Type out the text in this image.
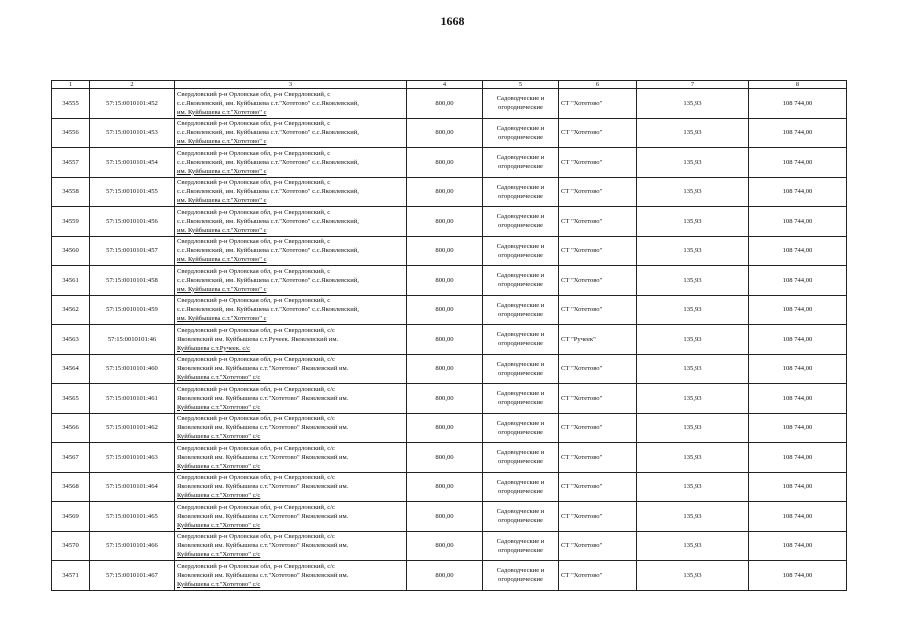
1668
1	2	3	4	5	6	7	8
34555	57:15:0010101:452	Свердловский р-н Орловская обл, р-н Свердловский, с
с.с.Яковлевский, им. Куйбышева с.т."Хотетово" с.с.Яковлевский,
им. Куйбышева с.т."Хотетово" с	800,00	Садоводческие и
огороднические	СТ "Хотетово"	135,93	108 744,00
34556	57:15:0010101:453	Свердловский р-н Орловская обл, р-н Свердловский, с
с.с.Яковлевский, им. Куйбышева с.т."Хотетово" с.с.Яковлевский,
им. Куйбышева с.т."Хотетово" с	800,00	Садоводческие и
огороднические	СТ "Хотетово"	135,93	108 744,00
34557	57:15:0010101:454	Свердловский р-н Орловская обл, р-н Свердловский, с
с.с.Яковлевский, им. Куйбышева с.т."Хотетово" с.с.Яковлевский,
им. Куйбышева с.т."Хотетово" с	800,00	Садоводческие и
огороднические	СТ "Хотетово"	135,93	108 744,00
34558	57:15:0010101:455	Свердловский р-н Орловская обл, р-н Свердловский, с
с.с.Яковлевский, им. Куйбышева с.т."Хотетово" с.с.Яковлевский,
им. Куйбышева с.т."Хотетово" с	800,00	Садоводческие и
огороднические	СТ "Хотетово"	135,93	108 744,00
34559	57:15:0010101:456	Свердловский р-н Орловская обл, р-н Свердловский, с
с.с.Яковлевский, им. Куйбышева с.т."Хотетово" с.с.Яковлевский,
им. Куйбышева с.т."Хотетово" с	800,00	Садоводческие и
огороднические	СТ "Хотетово"	135,93	108 744,00
34560	57:15:0010101:457	Свердловский р-н Орловская обл, р-н Свердловский, с
с.с.Яковлевский, им. Куйбышева с.т."Хотетово" с.с.Яковлевский,
им. Куйбышева с.т."Хотетово" с	800,00	Садоводческие и
огороднические	СТ "Хотетово"	135,93	108 744,00
34561	57:15:0010101:458	Свердловский р-н Орловская обл, р-н Свердловский, с
с.с.Яковлевский, им. Куйбышева с.т."Хотетово" с.с.Яковлевский,
им. Куйбышева с.т."Хотетово" с	800,00	Садоводческие и
огороднические	СТ "Хотетово"	135,93	108 744,00
34562	57:15:0010101:459	Свердловский р-н Орловская обл, р-н Свердловский, с
с.с.Яковлевский, им. Куйбышева с.т."Хотетово" с.с.Яковлевский,
им. Куйбышева с.т."Хотетово" с	800,00	Садоводческие и
огороднические	СТ "Хотетово"	135,93	108 744,00
34563	57:15:0010101:46	Свердловский р-н Орловская обл, р-н Свердловский, с/с
Яковлевский им. Куйбышева с.т.Ручеек. Яковлевский им.
Куйбышева с.т.Ручеек. с/с	800,00	Садоводческие и
огороднические	СТ "Ручеек"	135,93	108 744,00
34564	57:15:0010101:460	Свердловский р-н Орловская обл, р-н Свердловский, с/с
Яковлевский им. Куйбышева с.т."Хотетово" Яковлевский им.
Куйбышева с.т."Хотетово" с/с	800,00	Садоводческие и
огороднические	СТ "Хотетово"	135,93	108 744,00
34565	57:15:0010101:461	Свердловский р-н Орловская обл, р-н Свердловский, с/с
Яковлевский им. Куйбышева с.т."Хотетово" Яковлевский им.
Куйбышева с.т."Хотетово" с/с	800,00	Садоводческие и
огороднические	СТ "Хотетово"	135,93	108 744,00
34566	57:15:0010101:462	Свердловский р-н Орловская обл, р-н Свердловский, с/с
Яковлевский им. Куйбышева с.т."Хотетово" Яковлевский им.
Куйбышева с.т."Хотетово" с/с	800,00	Садоводческие и
огороднические	СТ "Хотетово"	135,93	108 744,00
34567	57:15:0010101:463	Свердловский р-н Орловская обл, р-н Свердловский, с/с
Яковлевский им. Куйбышева с.т."Хотетово" Яковлевский им.
Куйбышева с.т."Хотетово" с/с	800,00	Садоводческие и
огороднические	СТ "Хотетово"	135,93	108 744,00
34568	57:15:0010101:464	Свердловский р-н Орловская обл, р-н Свердловский, с/с
Яковлевский им. Куйбышева с.т."Хотетово" Яковлевский им.
Куйбышева с.т."Хотетово" с/с	800,00	Садоводческие и
огороднические	СТ "Хотетово"	135,93	108 744,00
34569	57:15:0010101:465	Свердловский р-н Орловская обл, р-н Свердловский, с/с
Яковлевский им. Куйбышева с.т."Хотетово" Яковлевский им.
Куйбышева с.т."Хотетово" с/с	800,00	Садоводческие и
огороднические	СТ "Хотетово"	135,93	108 744,00
34570	57:15:0010101:466	Свердловский р-н Орловская обл, р-н Свердловский, с/с
Яковлевский им. Куйбышева с.т."Хотетово" Яковлевский им.
Куйбышева с.т."Хотетово" с/с	800,00	Садоводческие и
огороднические	СТ "Хотетово"	135,93	108 744,00
34571	57:15:0010101:467	Свердловский р-н Орловская обл, р-н Свердловский, с/с
Яковлевский им. Куйбышева с.т."Хотетово" Яковлевский им.
Куйбышева с.т."Хотетово" с/с	800,00	Садоводческие и
огороднические	СТ "Хотетово"	135,93	108 744,00
